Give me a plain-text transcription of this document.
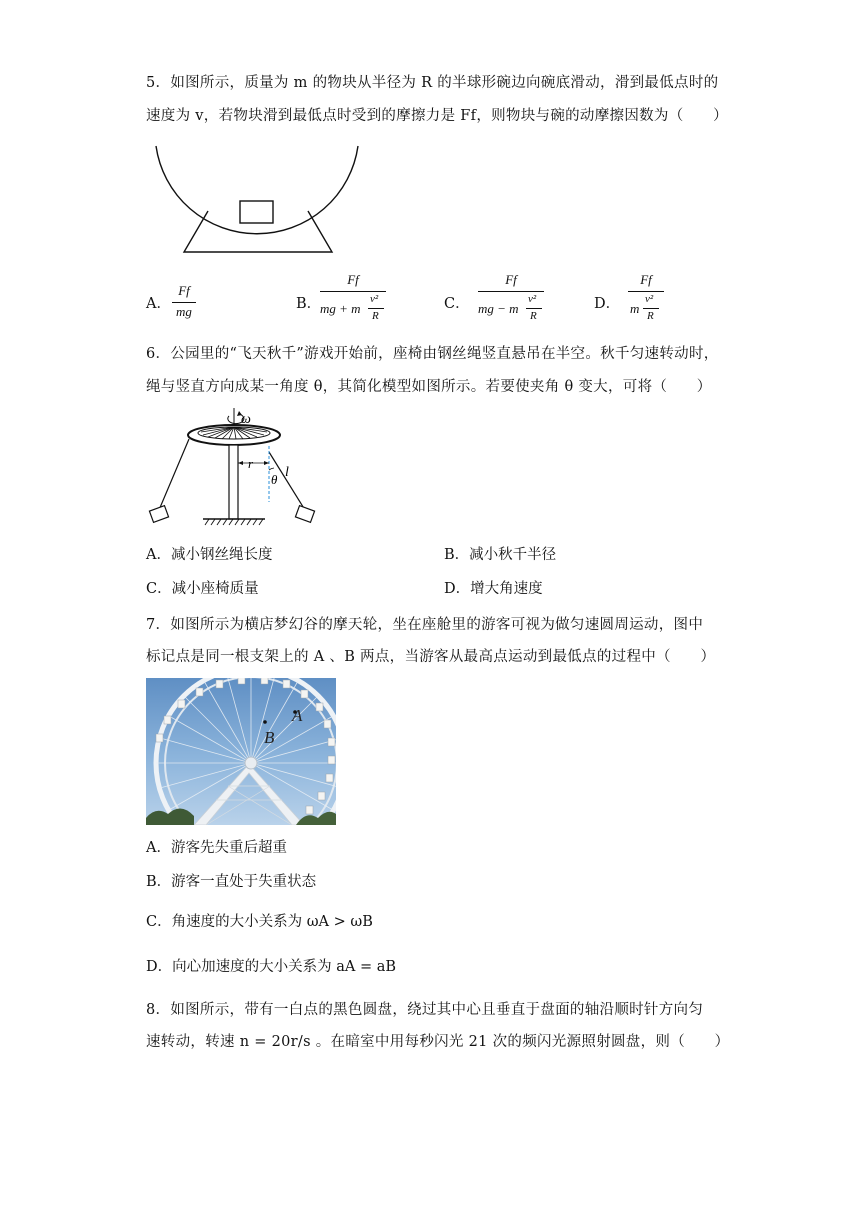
5．如图所示，质量为 m 的物块从半径为 R 的半球形碗边向碗底滑动，滑到最低点时的
速度为 v，若物块滑到最低点时受到的摩擦力是 Ff，则物块与碗的动摩擦因数为（　　）
A．
Ff
mg	B．
Ff
mg + m
v²
R
C．
Ff
mg − m
v²
R
D．
Ff
m
v²
R
6．公园里的“飞天秋千”游戏开始前，座椅由钢丝绳竖直悬吊在半空。秋千匀速转动时，
绳与竖直方向成某一角度 θ，其简化模型如图所示。若要使夹角 θ 变大，可将（　　）
ω
r
l
θ
A．减小钢丝绳长度	B．减小秋千半径
C．减小座椅质量	D．增大角速度
7．如图所示为横店梦幻谷的摩天轮，坐在座舱里的游客可视为做匀速圆周运动，图中
标记点是同一根支架上的 A 、B 两点，当游客从最高点运动到最低点的过程中（　　）
B
A
A．游客先失重后超重
B．游客一直处于失重状态
C．角速度的大小关系为 ωA > ωB
D．向心加速度的大小关系为 aA = aB
8．如图所示，带有一白点的黑色圆盘，绕过其中心且垂直于盘面的轴沿顺时针方向匀
速转动，转速 n = 20r/s 。在暗室中用每秒闪光 21 次的频闪光源照射圆盘，则（　　）
